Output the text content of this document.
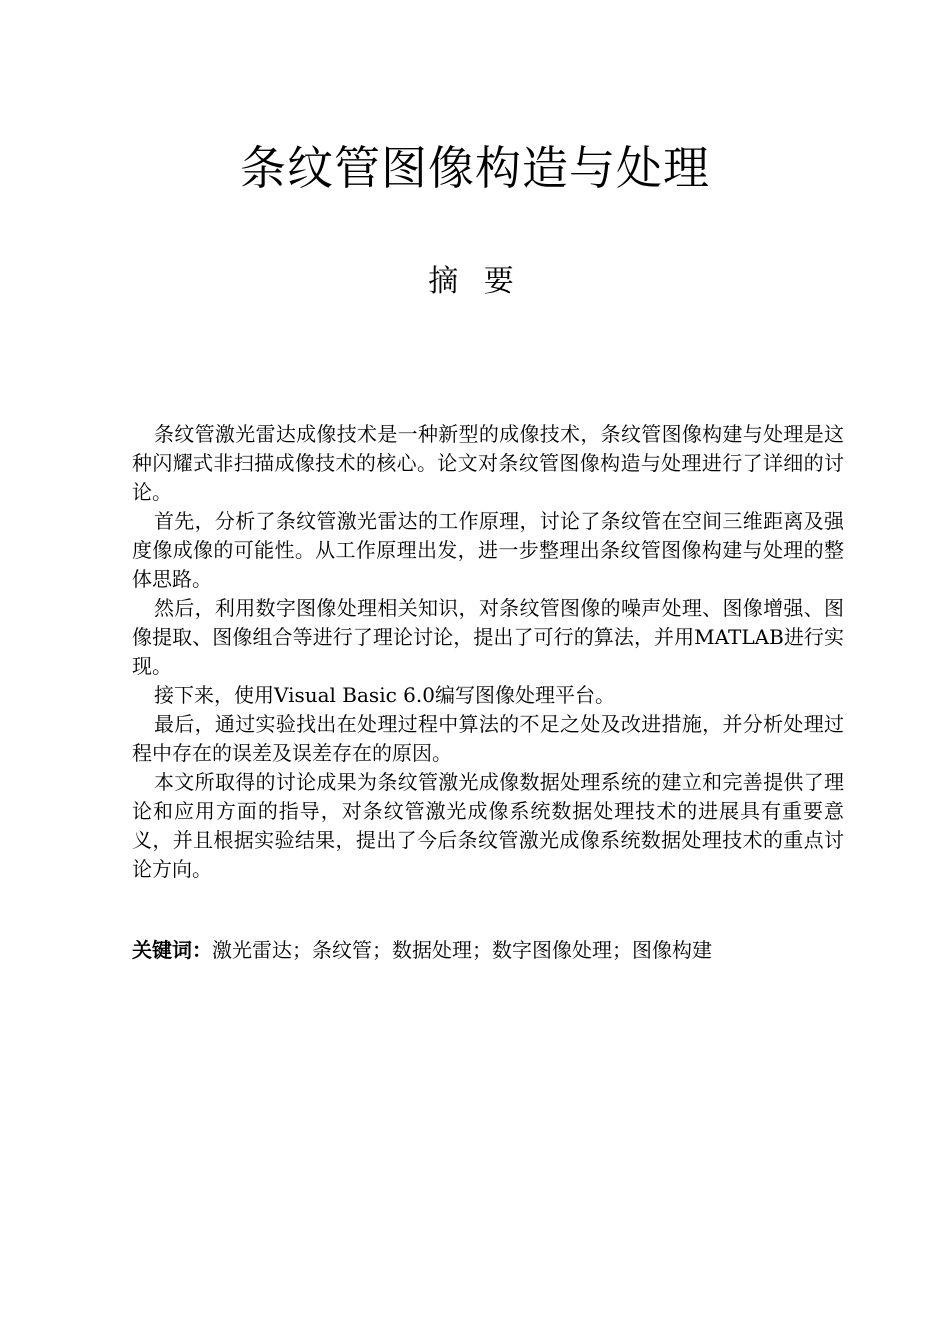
条纹管图像构造与处理
摘 要

条纹管激光雷达成像技术是一种新型的成像技术，条纹管图像构建与处理是这种闪耀式非扫描成像技术的核心。论文对条纹管图像构造与处理进行了详细的讨论。

首先，分析了条纹管激光雷达的工作原理，讨论了条纹管在空间三维距离及强度像成像的可能性。从工作原理出发，进一步整理出条纹管图像构建与处理的整体思路。

然后，利用数字图像处理相关知识，对条纹管图像的噪声处理、图像增强、图像提取、图像组合等进行了理论讨论，提出了可行的算法，并用MATLAB进行实现。

接下来，使用Visual Basic 6.0编写图像处理平台。

最后，通过实验找出在处理过程中算法的不足之处及改进措施，并分析处理过程中存在的误差及误差存在的原因。

本文所取得的讨论成果为条纹管激光成像数据处理系统的建立和完善提供了理论和应用方面的指导，对条纹管激光成像系统数据处理技术的进展具有重要意义，并且根据实验结果，提出了今后条纹管激光成像系统数据处理技术的重点讨论方向。

关键词：激光雷达；条纹管；数据处理；数字图像处理；图像构建
